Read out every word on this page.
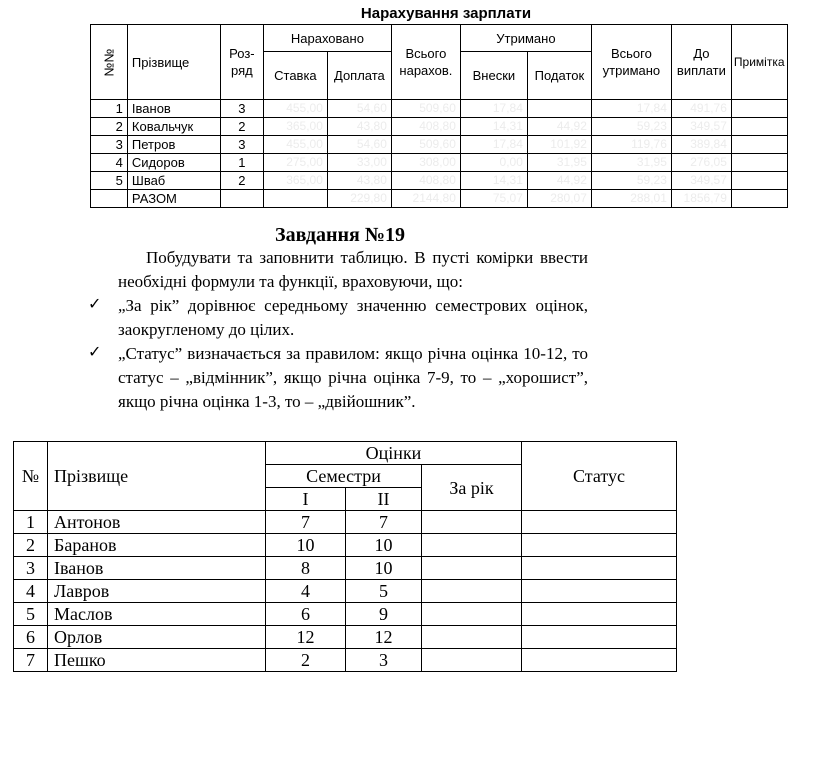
Нарахування зарплати
№№	Прізвище	Роз-ряд	Нараховано		Всього нарахов.	Утримано		Всього утримано	До виплати	Примітка
			Ставка	Доплата		Внески	Податок			
1	Іванов	3	455,00	54,60	509,60	17,84		17,84	491,76	
2	Ковальчук	2	365,00	43,80	408,80	14,31	44,92	59,23	349,57	
3	Петров	3	455,00	54,60	509,60	17,84	101,92	119,76	389,84	
4	Сидоров	1	275,00	33,00	308,00	0,00	31,95	31,95	276,05	
5	Шваб	2	365,00	43,80	408,80	14,31	44,92	59,23	349,57	
	РАЗОМ			229,80	2144,80	75,07	280,07	288,01	1856,79	
Завдання №19

Побудувати та заповнити таблицю. В пусті комірки ввести необхідні формули та функції, враховуючи, що:

✓ „За рік” дорівнює середньому значенню семестрових оцінок, заокругленому до цілих.
✓ „Статус” визначається за правилом: якщо річна оцінка 10-12, то статус – „відмінник”, якщо річна оцінка 7-9, то – „хорошист”, якщо річна оцінка 1-3, то – „двійошник”.
№	Прізвище	Оцінки			Статус
		Семестри		За рік	
		I	II		
1	Антонов	7	7		
2	Баранов	10	10		
3	Іванов	8	10		
4	Лавров	4	5		
5	Маслов	6	9		
6	Орлов	12	12		
7	Пешко	2	3		
